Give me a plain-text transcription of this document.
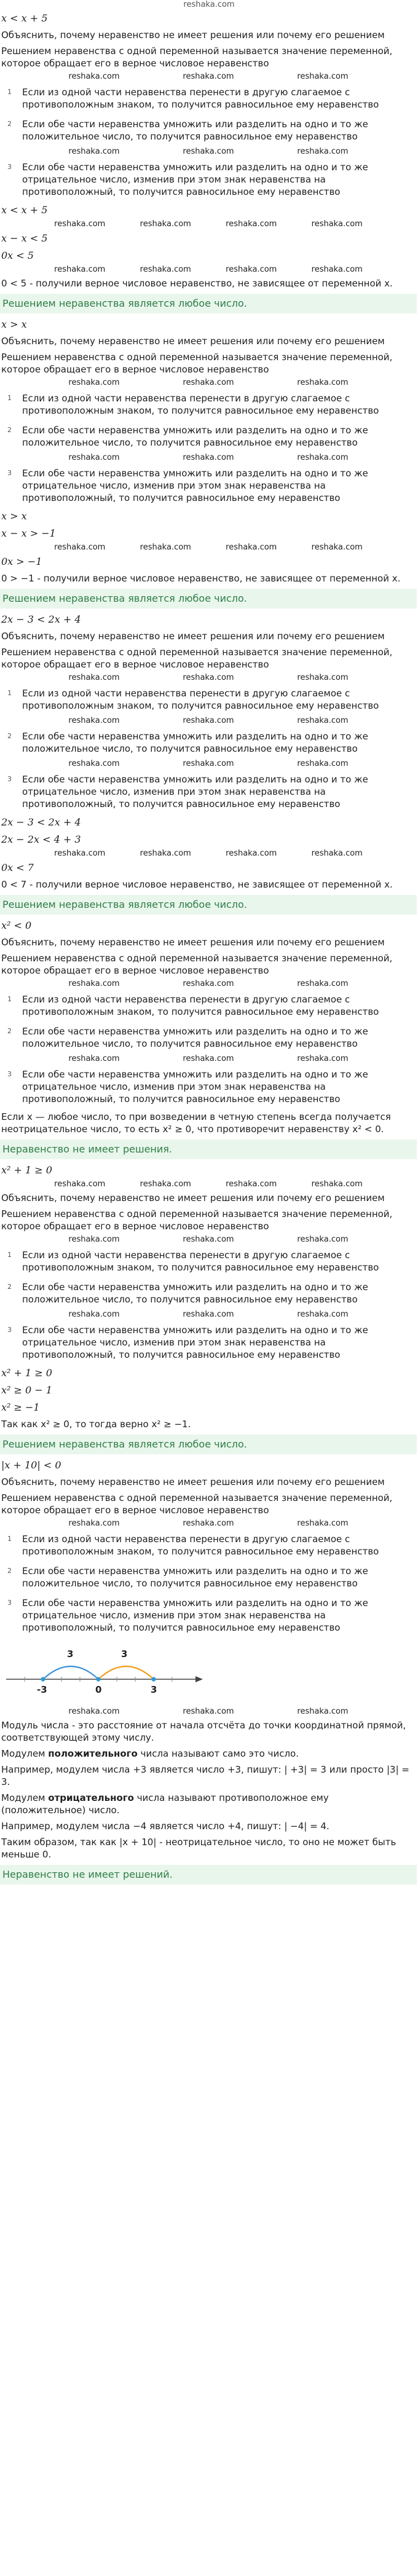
reshaka.com
x < x + 5
Объяснить, почему неравенство не имеет решения или почему его решением
Решением неравенства с одной переменной называется значение переменной, которое обращает его в верное числовое неравенство
reshaka.com	reshaka.com	reshaka.com
1	Если из одной части неравенства перенести в другую слагаемое с противоположным знаком, то получится равносильное ему неравенство
2	Если обе части неравенства умножить или разделить на одно и то же положительное число, то получится равносильное ему неравенство
reshaka.com	reshaka.com	reshaka.com
3	Если обе части неравенства умножить или разделить на одно и то же отрицательное число, изменив при этом знак неравенства на противоположный, то получится равносильное ему неравенство
x < x + 5
reshaka.com	reshaka.com	reshaka.com	reshaka.com
x − x < 5
0x < 5
reshaka.com	reshaka.com	reshaka.com	reshaka.com
0 < 5 - получили верное числовое неравенство, не зависящее от переменной x.
Решением неравенства является любое число.
x > x
Объяснить, почему неравенство не имеет решения или почему его решением
Решением неравенства с одной переменной называется значение переменной, которое обращает его в верное числовое неравенство
reshaka.com	reshaka.com	reshaka.com
1	Если из одной части неравенства перенести в другую слагаемое с противоположным знаком, то получится равносильное ему неравенство
2	Если обе части неравенства умножить или разделить на одно и то же положительное число, то получится равносильное ему неравенство
reshaka.com	reshaka.com	reshaka.com
3	Если обе части неравенства умножить или разделить на одно и то же отрицательное число, изменив при этом знак неравенства на противоположный, то получится равносильное ему неравенство
x > x
x − x > −1
reshaka.com	reshaka.com	reshaka.com	reshaka.com
0x > −1
0 > −1 - получили верное числовое неравенство, не зависящее от переменной x.
Решением неравенства является любое число.
2x − 3 < 2x + 4
Объяснить, почему неравенство не имеет решения или почему его решением
Решением неравенства с одной переменной называется значение переменной, которое обращает его в верное числовое неравенство
reshaka.com	reshaka.com	reshaka.com
1	Если из одной части неравенства перенести в другую слагаемое с противоположным знаком, то получится равносильное ему неравенство
reshaka.com	reshaka.com	reshaka.com
2	Если обе части неравенства умножить или разделить на одно и то же положительное число, то получится равносильное ему неравенство
reshaka.com	reshaka.com	reshaka.com
3	Если обе части неравенства умножить или разделить на одно и то же отрицательное число, изменив при этом знак неравенства на противоположный, то получится равносильное ему неравенство
2x − 3 < 2x + 4
2x − 2x < 4 + 3
reshaka.com	reshaka.com	reshaka.com	reshaka.com
0x < 7
0 < 7 - получили верное числовое неравенство, не зависящее от переменной x.
Решением неравенства является любое число.
x² < 0
Объяснить, почему неравенство не имеет решения или почему его решением
Решением неравенства с одной переменной называется значение переменной, которое обращает его в верное числовое неравенство
reshaka.com	reshaka.com	reshaka.com
1	Если из одной части неравенства перенести в другую слагаемое с противоположным знаком, то получится равносильное ему неравенство
2	Если обе части неравенства умножить или разделить на одно и то же положительное число, то получится равносильное ему неравенство
reshaka.com	reshaka.com	reshaka.com
3	Если обе части неравенства умножить или разделить на одно и то же отрицательное число, изменив при этом знак неравенства на противоположный, то получится равносильное ему неравенство
Если x — любое число, то при возведении в четную степень всегда получается неотрицательное число, то есть x² ≥ 0, что противоречит неравенству x² < 0.
Неравенство не имеет решения.
x² + 1 ≥ 0
reshaka.com	reshaka.com	reshaka.com	reshaka.com
Объяснить, почему неравенство не имеет решения или почему его решением
Решением неравенства с одной переменной называется значение переменной, которое обращает его в верное числовое неравенство
reshaka.com	reshaka.com	reshaka.com
1	Если из одной части неравенства перенести в другую слагаемое с противоположным знаком, то получится равносильное ему неравенство
2	Если обе части неравенства умножить или разделить на одно и то же положительное число, то получится равносильное ему неравенство
reshaka.com	reshaka.com	reshaka.com
3	Если обе части неравенства умножить или разделить на одно и то же отрицательное число, изменив при этом знак неравенства на противоположный, то получится равносильное ему неравенство
x² + 1 ≥ 0
x² ≥ 0 − 1
x² ≥ −1
Так как x² ≥ 0, то тогда верно x² ≥ −1.
Решением неравенства является любое число.
|x + 10| < 0
Объяснить, почему неравенство не имеет решения или почему его решением
Решением неравенства с одной переменной называется значение переменной, которое обращает его в верное числовое неравенство
reshaka.com	reshaka.com	reshaka.com
1	Если из одной части неравенства перенести в другую слагаемое с противоположным знаком, то получится равносильное ему неравенство
2	Если обе части неравенства умножить или разделить на одно и то же положительное число, то получится равносильное ему неравенство
3	Если обе части неравенства умножить или разделить на одно и то же отрицательное число, изменив при этом знак неравенства на противоположный, то получится равносильное ему неравенство
3	3
-3	0	3
reshaka.com	reshaka.com	reshaka.com
Модуль числа - это расстояние от начала отсчёта до точки координатной прямой, соответствующей этому числу.
Модулем положительного числа называют само это число.
Например, модулем числа +3 является число +3, пишут: | +3| = 3 или просто |3| = 3.
Модулем отрицательного числа называют противоположное ему (положительное) число.
Например, модулем числа −4 является число +4, пишут: | −4| = 4.
Таким образом, так как |x + 10| - неотрицательное число, то оно не может быть меньше 0.
Неравенство не имеет решений.
